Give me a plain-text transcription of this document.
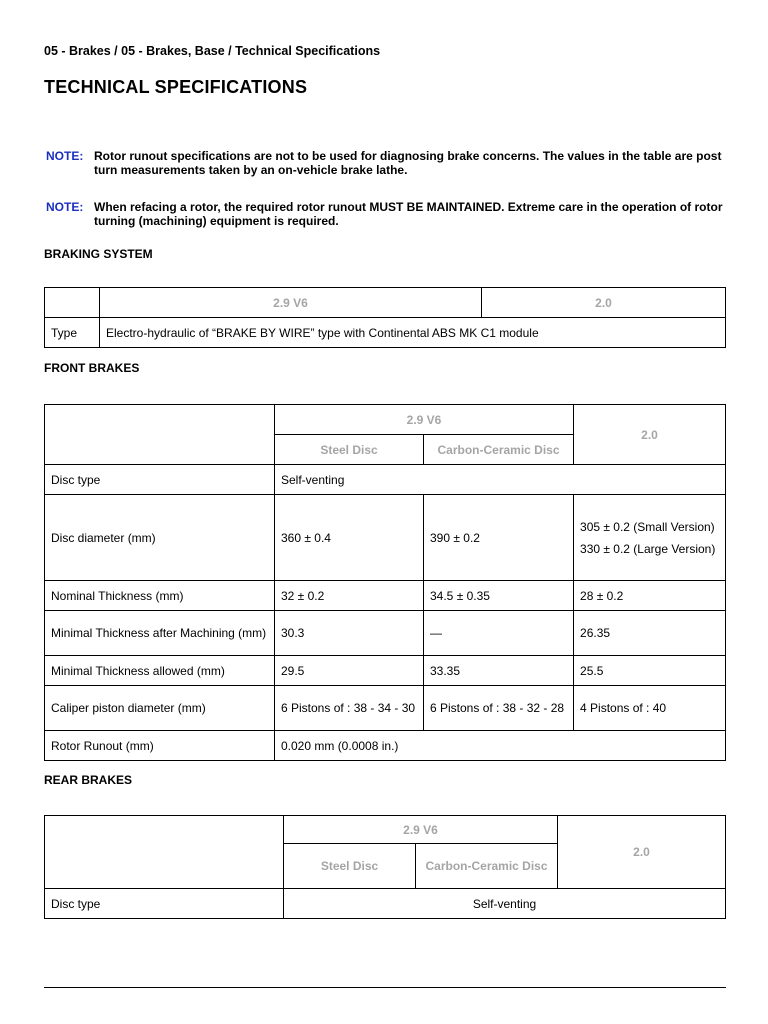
05 - Brakes / 05 - Brakes, Base / Technical Specifications
TECHNICAL SPECIFICATIONS
NOTE: Rotor runout specifications are not to be used for diagnosing brake concerns. The values in the table are post turn measurements taken by an on-vehicle brake lathe.
NOTE: When refacing a rotor, the required rotor runout MUST BE MAINTAINED. Extreme care in the operation of rotor turning (machining) equipment is required.
BRAKING SYSTEM
	2.9 V6	2.0
Type	Electro-hydraulic of “BRAKE BY WIRE” type with Continental ABS MK C1 module	
FRONT BRAKES
	2.9 V6		2.0
	Steel Disc	Carbon-Ceramic Disc	
Disc type	Self-venting		
Disc diameter (mm)	360 ± 0.4	390 ± 0.2	305 ± 0.2 (Small Version)
330 ± 0.2 (Large Version)

Nominal Thickness (mm)	32 ± 0.2	34.5 ± 0.35	28 ± 0.2
Minimal Thickness after Machining (mm)	30.3	—	26.35
Minimal Thickness allowed (mm)	29.5	33.35	25.5
Caliper piston diameter (mm)	6 Pistons of : 38 - 34 - 30	6 Pistons of : 38 - 32 - 28	4 Pistons of : 40
Rotor Runout (mm)	0.020 mm (0.0008 in.)		
REAR BRAKES
	2.9 V6		2.0
	Steel Disc	Carbon-Ceramic Disc	
Disc type	Self-venting		
